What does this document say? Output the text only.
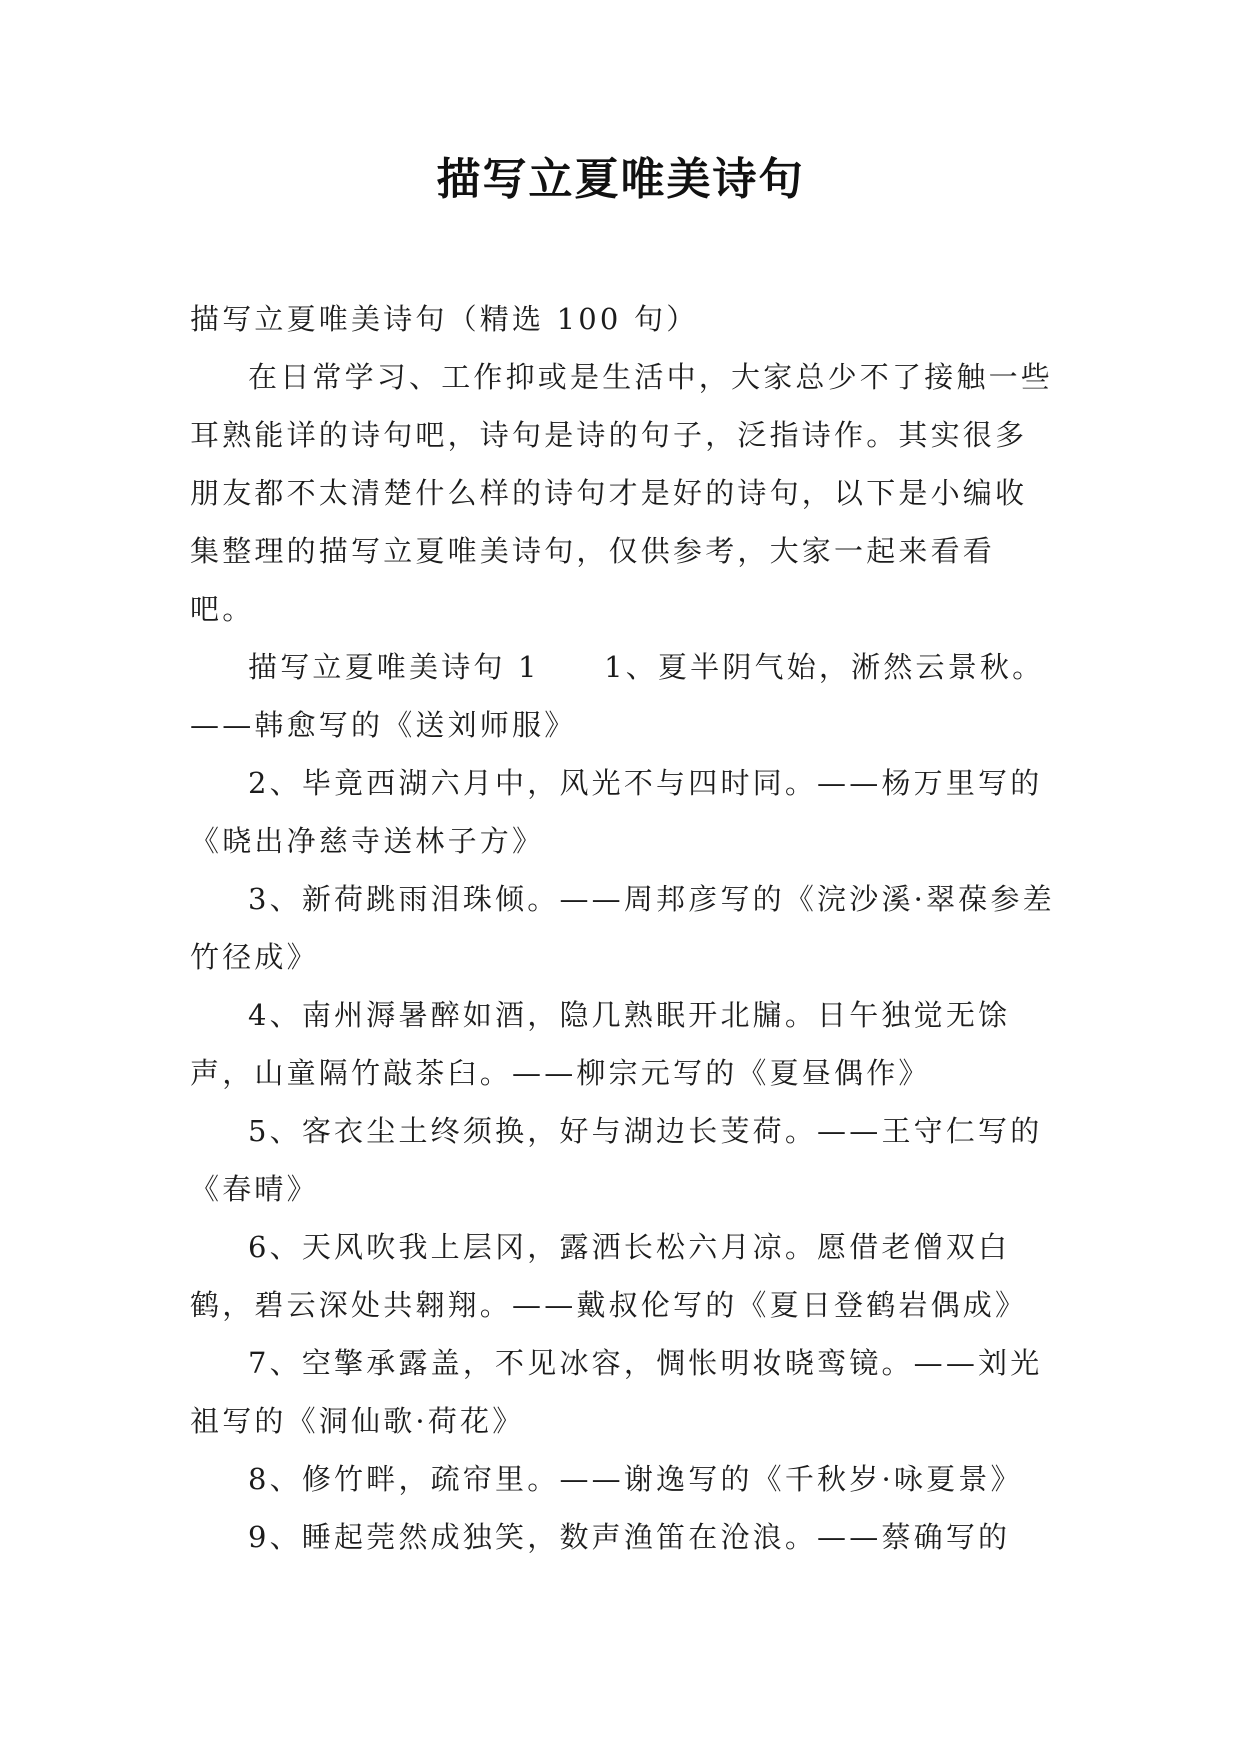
描写立夏唯美诗句

描写立夏唯美诗句（精选 100 句）

在日常学习、工作抑或是生活中，大家总少不了接触一些耳熟能详的诗句吧，诗句是诗的句子，泛指诗作。其实很多朋友都不太清楚什么样的诗句才是好的诗句，以下是小编收集整理的描写立夏唯美诗句，仅供参考，大家一起来看看吧。

描写立夏唯美诗句 1　　1、夏半阴气始，淅然云景秋。——韩愈写的《送刘师服》

2、毕竟西湖六月中，风光不与四时同。——杨万里写的《晓出净慈寺送林子方》

3、新荷跳雨泪珠倾。——周邦彦写的《浣沙溪·翠葆参差竹径成》

4、南州溽暑醉如酒，隐几熟眠开北牖。日午独觉无馀声，山童隔竹敲茶臼。——柳宗元写的《夏昼偶作》

5、客衣尘土终须换，好与湖边长芰荷。——王守仁写的《春晴》

6、天风吹我上层冈，露洒长松六月凉。愿借老僧双白鹤，碧云深处共翱翔。——戴叔伦写的《夏日登鹤岩偶成》

7、空擎承露盖，不见冰容，惆怅明妆晓鸾镜。——刘光祖写的《洞仙歌·荷花》

8、修竹畔，疏帘里。——谢逸写的《千秋岁·咏夏景》

9、睡起莞然成独笑，数声渔笛在沧浪。——蔡确写的
